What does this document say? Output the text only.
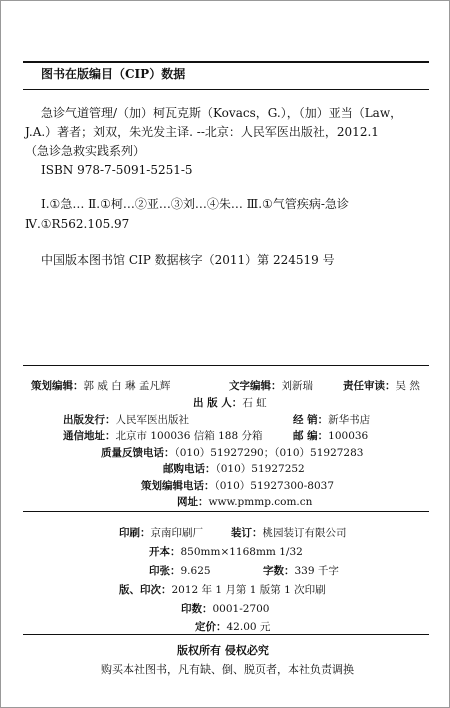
图书在版编目（CIP）数据
急诊气道管理/（加）柯瓦克斯（Kovacs，G.），（加）亚当（Law，
J.A.）著者；刘双，朱光发主译. --北京：人民军医出版社，2012.1
（急诊急救实践系列）
ISBN 978-7-5091-5251-5
Ⅰ.①急… Ⅱ.①柯…②亚…③刘…④朱… Ⅲ.①气管疾病-急诊
Ⅳ.①R562.105.97
中国版本图书馆 CIP 数据核字（2011）第 224519 号
策划编辑：郭 威 白 琳 孟凡辉	文字编辑：刘新瑞	责任审读：吴 然
出 版 人：石 虹
出版发行：人民军医出版社	经 销：新华书店
通信地址：北京市 100036 信箱 188 分箱	邮 编：100036
质量反馈电话：（010）51927290；（010）51927283
邮购电话：（010）51927252
策划编辑电话：（010）51927300-8037
网址：www.pmmp.com.cn
印刷：京南印刷厂	装订：桃园装订有限公司
开本：850mm×1168mm 1/32
印张：9.625	字数：339 千字
版、印次：2012 年 1 月第 1 版第 1 次印刷
印数：0001-2700
定价：42.00 元
版权所有 侵权必究
购买本社图书，凡有缺、倒、脱页者，本社负责调换
